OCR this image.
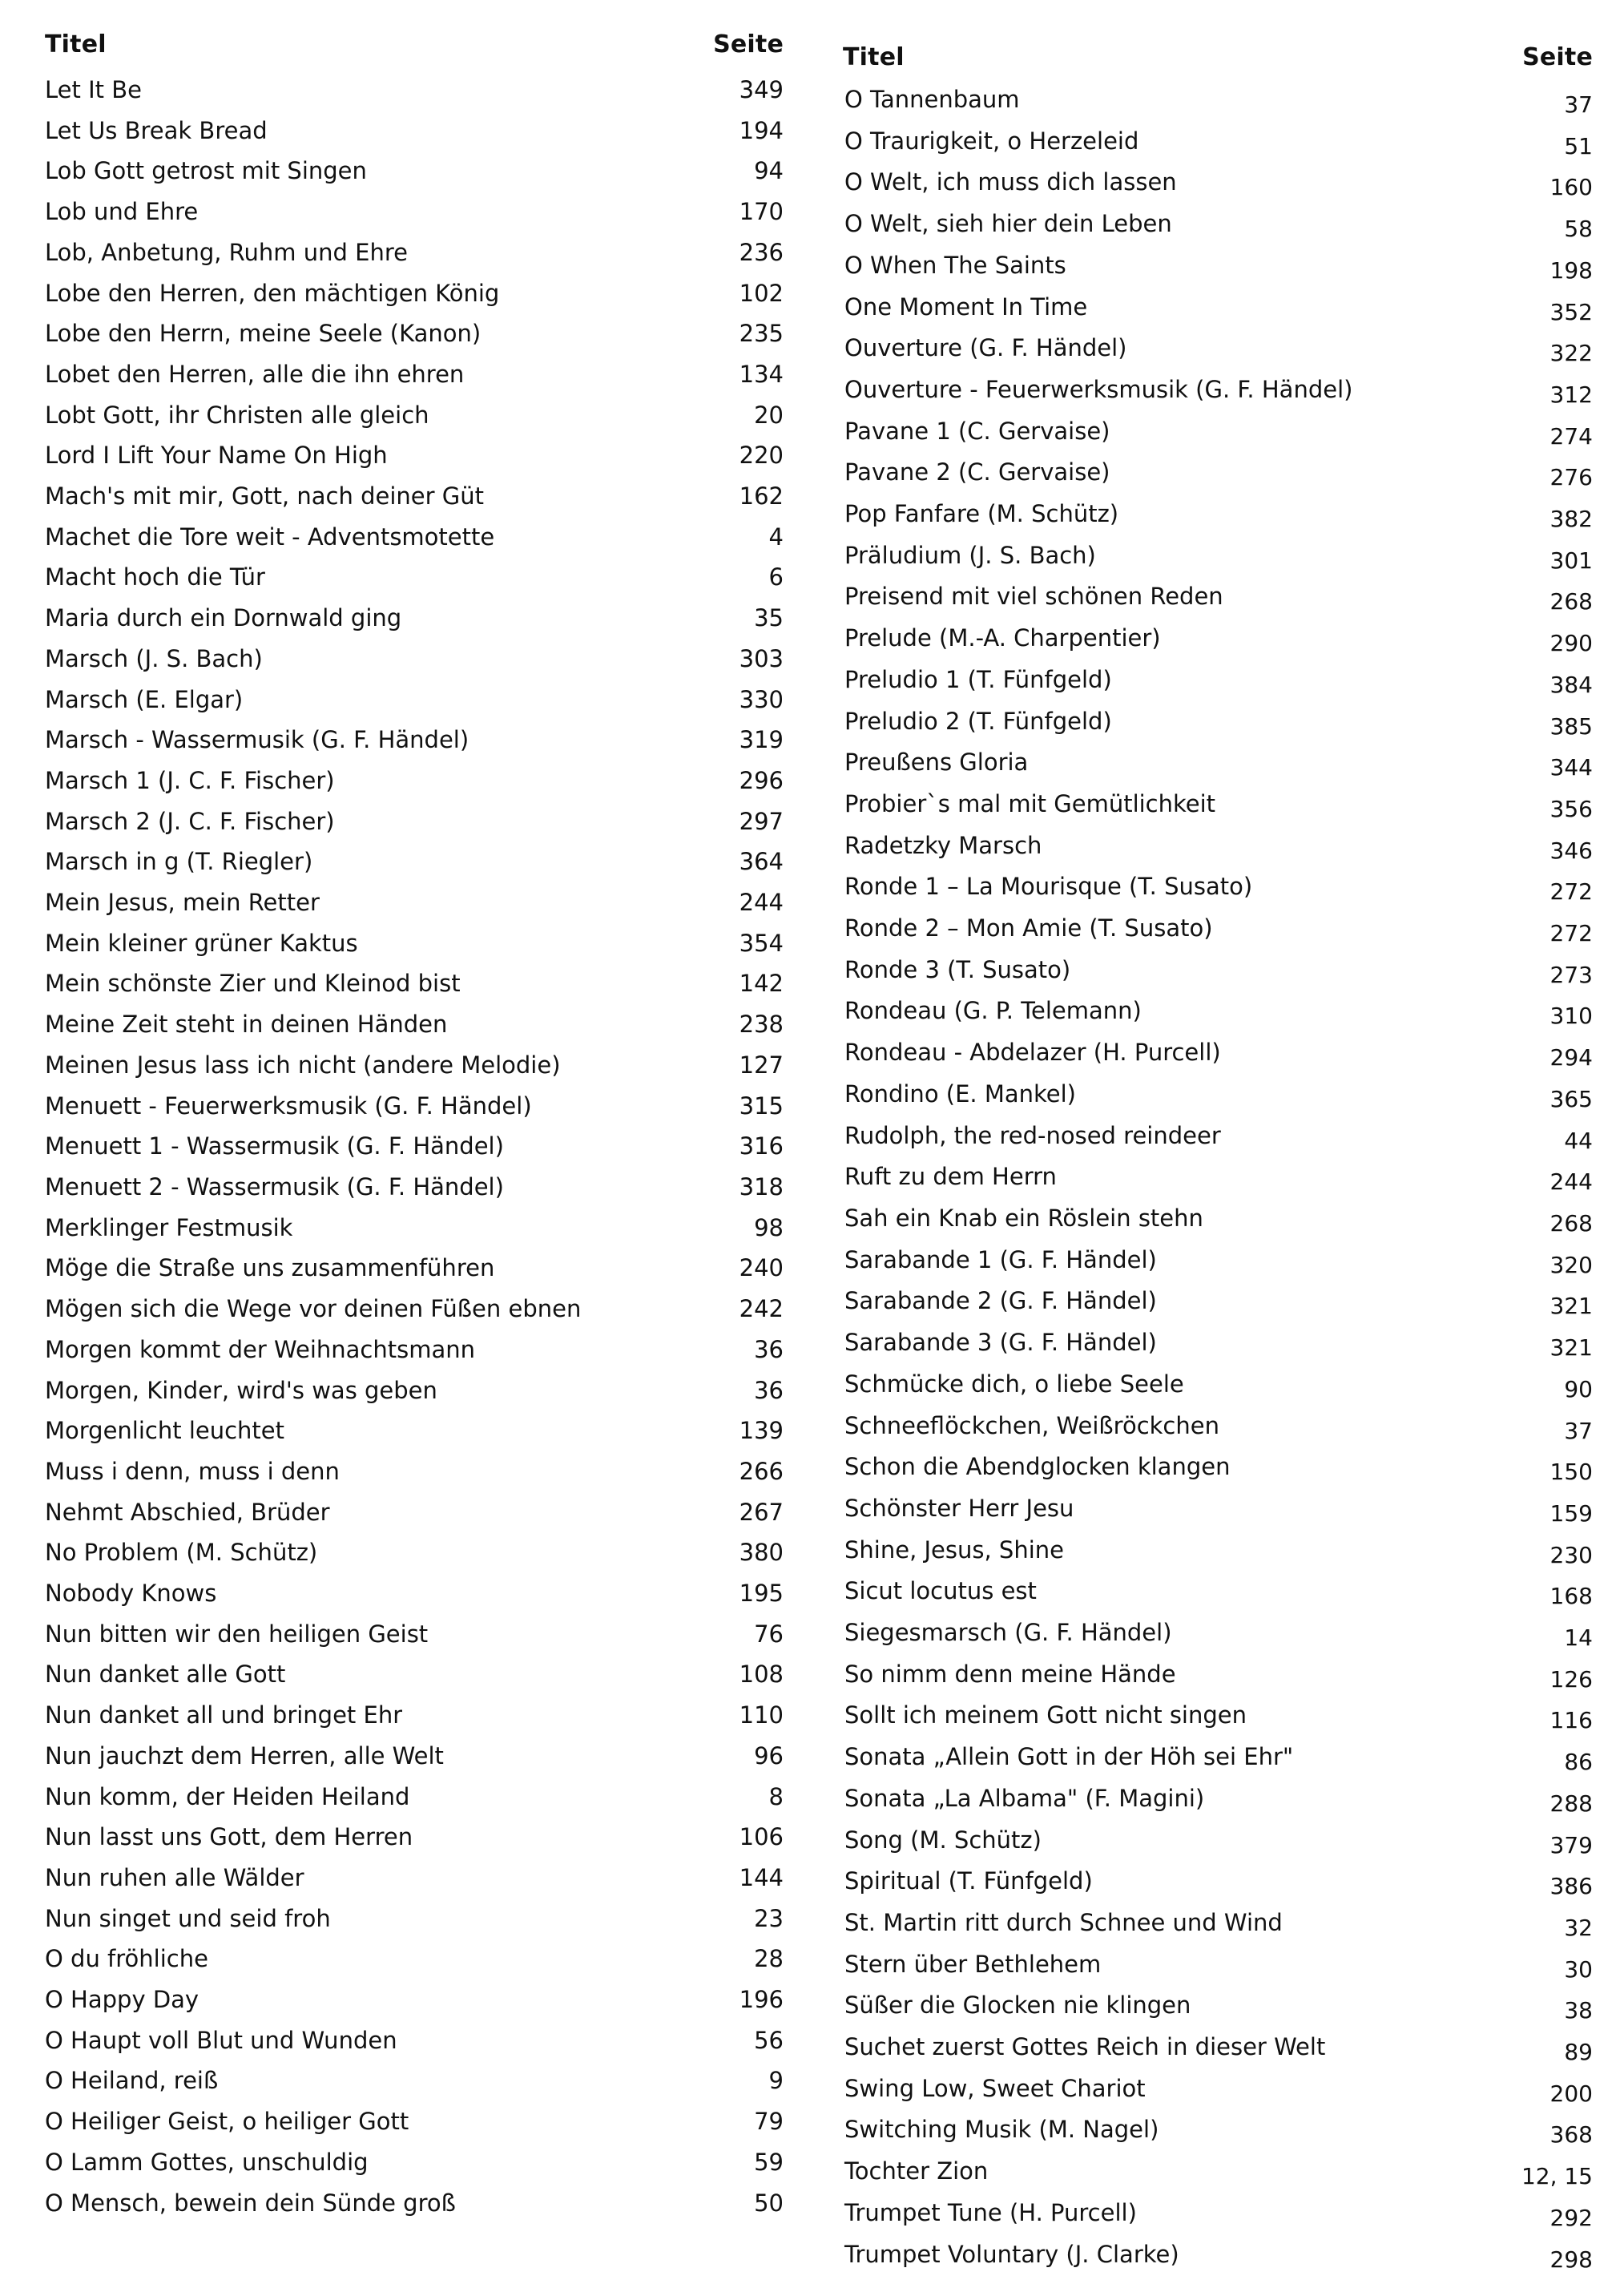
Titel	Seite
Let It Be	349
Let Us Break Bread	194
Lob Gott getrost mit Singen	94
Lob und Ehre	170
Lob, Anbetung, Ruhm und Ehre	236
Lobe den Herren, den mächtigen König	102
Lobe den Herrn, meine Seele (Kanon)	235
Lobet den Herren, alle die ihn ehren	134
Lobt Gott, ihr Christen alle gleich	20
Lord I Lift Your Name On High	220
Mach's mit mir, Gott, nach deiner Güt	162
Machet die Tore weit - Adventsmotette	4
Macht hoch die Tür	6
Maria durch ein Dornwald ging	35
Marsch (J. S. Bach)	303
Marsch (E. Elgar)	330
Marsch - Wassermusik (G. F. Händel)	319
Marsch 1 (J. C. F. Fischer)	296
Marsch 2 (J. C. F. Fischer)	297
Marsch in g (T. Riegler)	364
Mein Jesus, mein Retter	244
Mein kleiner grüner Kaktus	354
Mein schönste Zier und Kleinod bist	142
Meine Zeit steht in deinen Händen	238
Meinen Jesus lass ich nicht (andere Melodie)	127
Menuett - Feuerwerksmusik (G. F. Händel)	315
Menuett 1 - Wassermusik (G. F. Händel)	316
Menuett 2 - Wassermusik (G. F. Händel)	318
Merklinger Festmusik	98
Möge die Straße uns zusammenführen	240
Mögen sich die Wege vor deinen Füßen ebnen	242
Morgen kommt der Weihnachtsmann	36
Morgen, Kinder, wird's was geben	36
Morgenlicht leuchtet	139
Muss i denn, muss i denn	266
Nehmt Abschied, Brüder	267
No Problem (M. Schütz)	380
Nobody Knows	195
Nun bitten wir den heiligen Geist	76
Nun danket alle Gott	108
Nun danket all und bringet Ehr	110
Nun jauchzt dem Herren, alle Welt	96
Nun komm, der Heiden Heiland	8
Nun lasst uns Gott, dem Herren	106
Nun ruhen alle Wälder	144
Nun singet und seid froh	23
O du fröhliche	28
O Happy Day	196
O Haupt voll Blut und Wunden	56
O Heiland, reiß	9
O Heiliger Geist, o heiliger Gott	79
O Lamm Gottes, unschuldig	59
O Mensch, bewein dein Sünde groß	50
Titel	Seite
O Tannenbaum	37
O Traurigkeit, o Herzeleid	51
O Welt, ich muss dich lassen	160
O Welt, sieh hier dein Leben	58
O When The Saints	198
One Moment In Time	352
Ouverture (G. F. Händel)	322
Ouverture - Feuerwerksmusik (G. F. Händel)	312
Pavane 1 (C. Gervaise)	274
Pavane 2 (C. Gervaise)	276
Pop Fanfare (M. Schütz)	382
Präludium (J. S. Bach)	301
Preisend mit viel schönen Reden	268
Prelude (M.-A. Charpentier)	290
Preludio 1 (T. Fünfgeld)	384
Preludio 2 (T. Fünfgeld)	385
Preußens Gloria	344
Probier`s mal mit Gemütlichkeit	356
Radetzky Marsch	346
Ronde 1 – La Mourisque (T. Susato)	272
Ronde 2 – Mon Amie (T. Susato)	272
Ronde 3 (T. Susato)	273
Rondeau (G. P. Telemann)	310
Rondeau - Abdelazer (H. Purcell)	294
Rondino (E. Mankel)	365
Rudolph, the red-nosed reindeer	44
Ruft zu dem Herrn	244
Sah ein Knab ein Röslein stehn	268
Sarabande 1 (G. F. Händel)	320
Sarabande 2 (G. F. Händel)	321
Sarabande 3 (G. F. Händel)	321
Schmücke dich, o liebe Seele	90
Schneeflöckchen, Weißröckchen	37
Schon die Abendglocken klangen	150
Schönster Herr Jesu	159
Shine, Jesus, Shine	230
Sicut locutus est	168
Siegesmarsch (G. F. Händel)	14
So nimm denn meine Hände	126
Sollt ich meinem Gott nicht singen	116
Sonata „Allein Gott in der Höh sei Ehr"	86
Sonata „La Albama" (F. Magini)	288
Song (M. Schütz)	379
Spiritual (T. Fünfgeld)	386
St. Martin ritt durch Schnee und Wind	32
Stern über Bethlehem	30
Süßer die Glocken nie klingen	38
Suchet zuerst Gottes Reich in dieser Welt	89
Swing Low, Sweet Chariot	200
Switching Musik (M. Nagel)	368
Tochter Zion	12, 15
Trumpet Tune (H. Purcell)	292
Trumpet Voluntary (J. Clarke)	298
